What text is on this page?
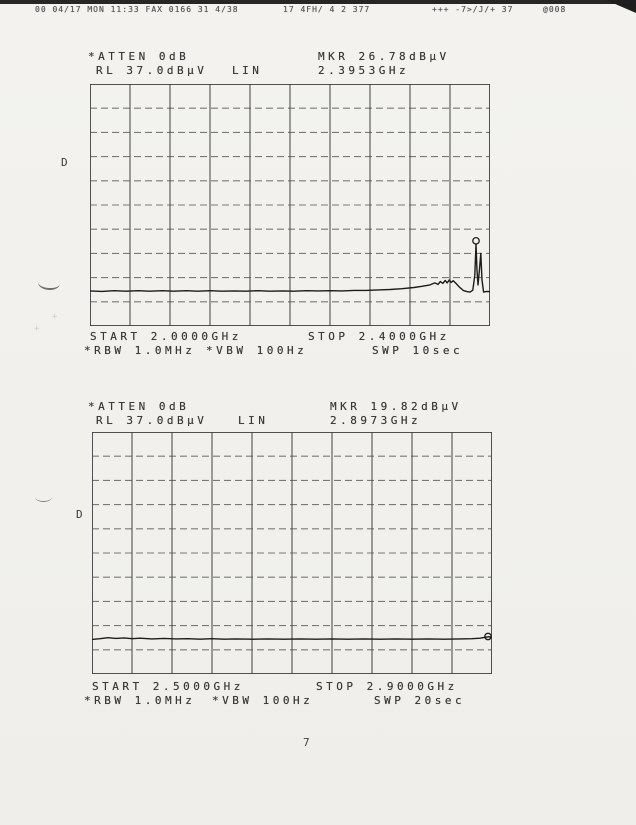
00 04/17 MON 11:33 FAX 0166 31 4/38	17 4FH/ 4 2 377	+++ -7>/J/+ 37	@008
*ATTEN 0dB	MKR 26.78dBμV
RL 37.0dBμV LIN	2.3953GHz
D
START 2.0000GHz	STOP 2.4000GHz
*RBW 1.0MHz *VBW 100Hz	SWP 10sec
+
+
*ATTEN 0dB	MKR 19.82dBμV
RL 37.0dBμV	LIN	2.8973GHz
D
START 2.5000GHz	STOP 2.9000GHz
*RBW 1.0MHz *VBW 100Hz	SWP 20sec
7
